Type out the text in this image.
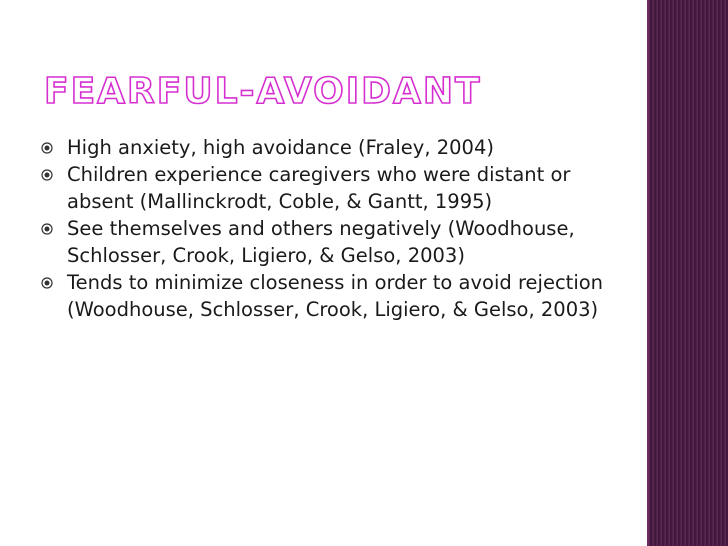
FEARFUL-AVOIDANT
High anxiety, high avoidance (Fraley, 2004)
Children experience caregivers who were distant or absent (Mallinckrodt, Coble, & Gantt, 1995)
See themselves and others negatively (Woodhouse, Schlosser, Crook, Ligiero, & Gelso, 2003)
Tends to minimize closeness in order to avoid rejection (Woodhouse, Schlosser, Crook, Ligiero, & Gelso, 2003)
